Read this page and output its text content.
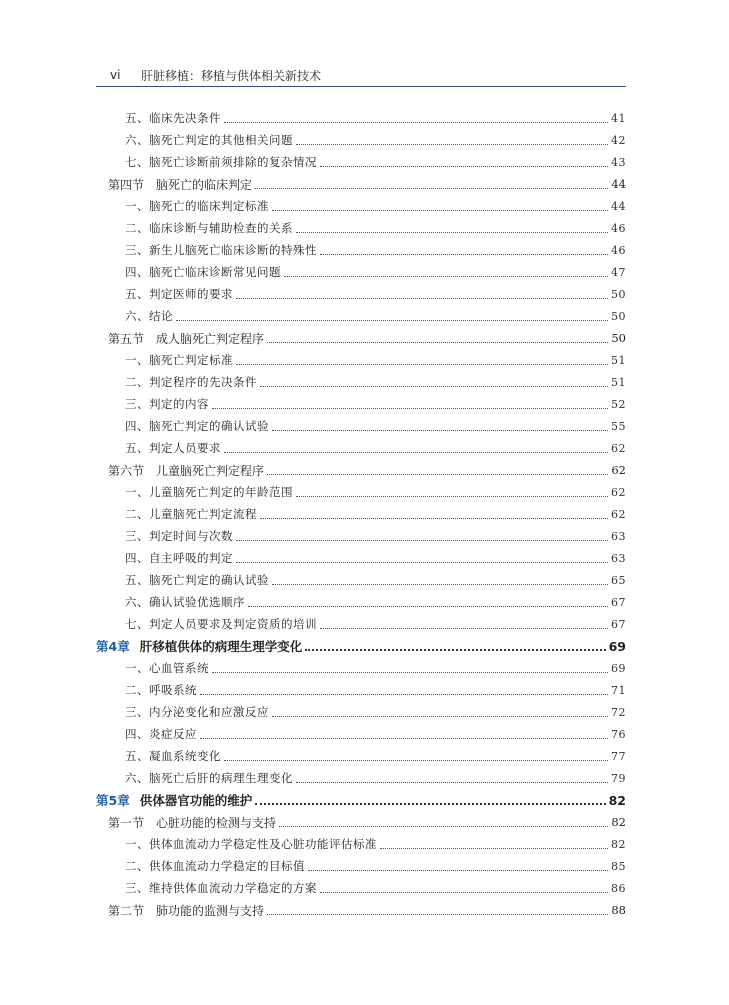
vi 肝脏移植：移植与供体相关新技术
五、临床先决条件	41
六、脑死亡判定的其他相关问题	42
七、脑死亡诊断前须排除的复杂情况	43
第四节　脑死亡的临床判定	44
一、脑死亡的临床判定标准	44
二、临床诊断与辅助检查的关系	46
三、新生儿脑死亡临床诊断的特殊性	46
四、脑死亡临床诊断常见问题	47
五、判定医师的要求	50
六、结论	50
第五节　成人脑死亡判定程序	50
一、脑死亡判定标准	51
二、判定程序的先决条件	51
三、判定的内容	52
四、脑死亡判定的确认试验	55
五、判定人员要求	62
第六节　儿童脑死亡判定程序	62
一、儿童脑死亡判定的年龄范围	62
二、儿童脑死亡判定流程	62
三、判定时间与次数	63
四、自主呼吸的判定	63
五、脑死亡判定的确认试验	65
六、确认试验优选顺序	67
七、判定人员要求及判定资质的培训	67
第4章 肝移植供体的病理生理学变化	69
一、心血管系统	69
二、呼吸系统	71
三、内分泌变化和应激反应	72
四、炎症反应	76
五、凝血系统变化	77
六、脑死亡后肝的病理生理变化	79
第5章 供体器官功能的维护	82
第一节　心脏功能的检测与支持	82
一、供体血流动力学稳定性及心脏功能评估标准	82
二、供体血流动力学稳定的目标值	85
三、维持供体血流动力学稳定的方案	86
第二节　肺功能的监测与支持	88
